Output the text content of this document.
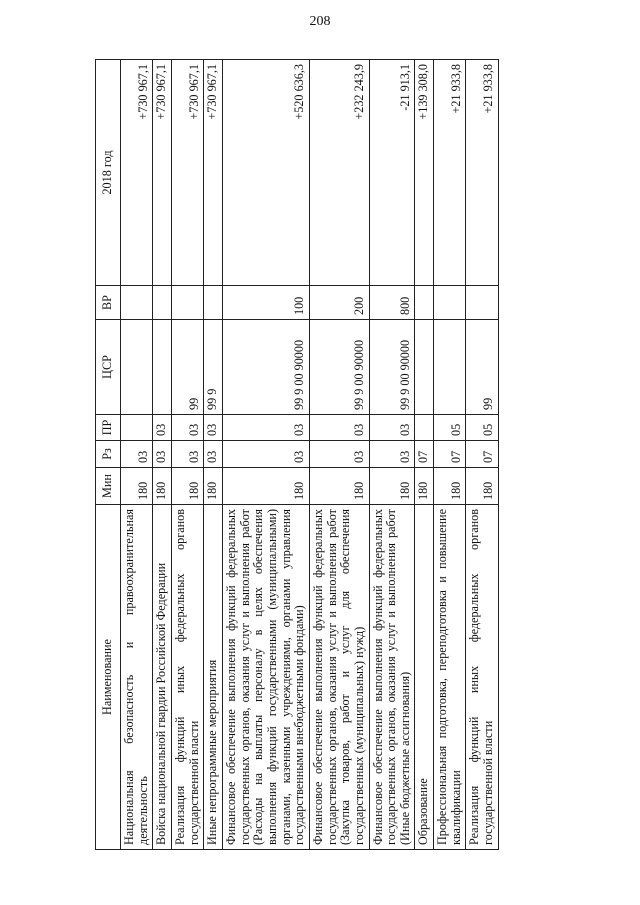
208
Наименование	Мин	Рз	ПР	ЦСР	ВР	2018 год
Национальная безопасность и правоохранительная деятельность	180	03				+730 967,1
Войска национальной гвардии Российской Федерации	180	03	03			+730 967,1
Реализация функций иных федеральных органов государственной власти	180	03	03	99		+730 967,1
Иные непрограммные мероприятия	180	03	03	99 9		+730 967,1
Финансовое обеспечение выполнения функций федеральных государственных органов, оказания услуг и выполнения работ (Расходы на выплаты персоналу в целях обеспечения выполнения функций государственными (муниципальными) органами, казенными учреждениями, органами управления государственными внебюджетными фондами)	180	03	03	99 9 00 90000	100	+520 636,3
Финансовое обеспечение выполнения функций федеральных государственных органов, оказания услуг и выполнения работ (Закупка товаров, работ и услуг для обеспечения государственных (муниципальных) нужд)	180	03	03	99 9 00 90000	200	+232 243,9
Финансовое обеспечение выполнения функций федеральных государственных органов, оказания услуг и выполнения работ (Иные бюджетные ассигнования)	180	03	03	99 9 00 90000	800	-21 913,1
Образование	180	07				+139 308,0
Профессиональная подготовка, переподготовка и повышение квалификации	180	07	05			+21 933,8
Реализация функций иных федеральных органов государственной власти	180	07	05	99		+21 933,8
